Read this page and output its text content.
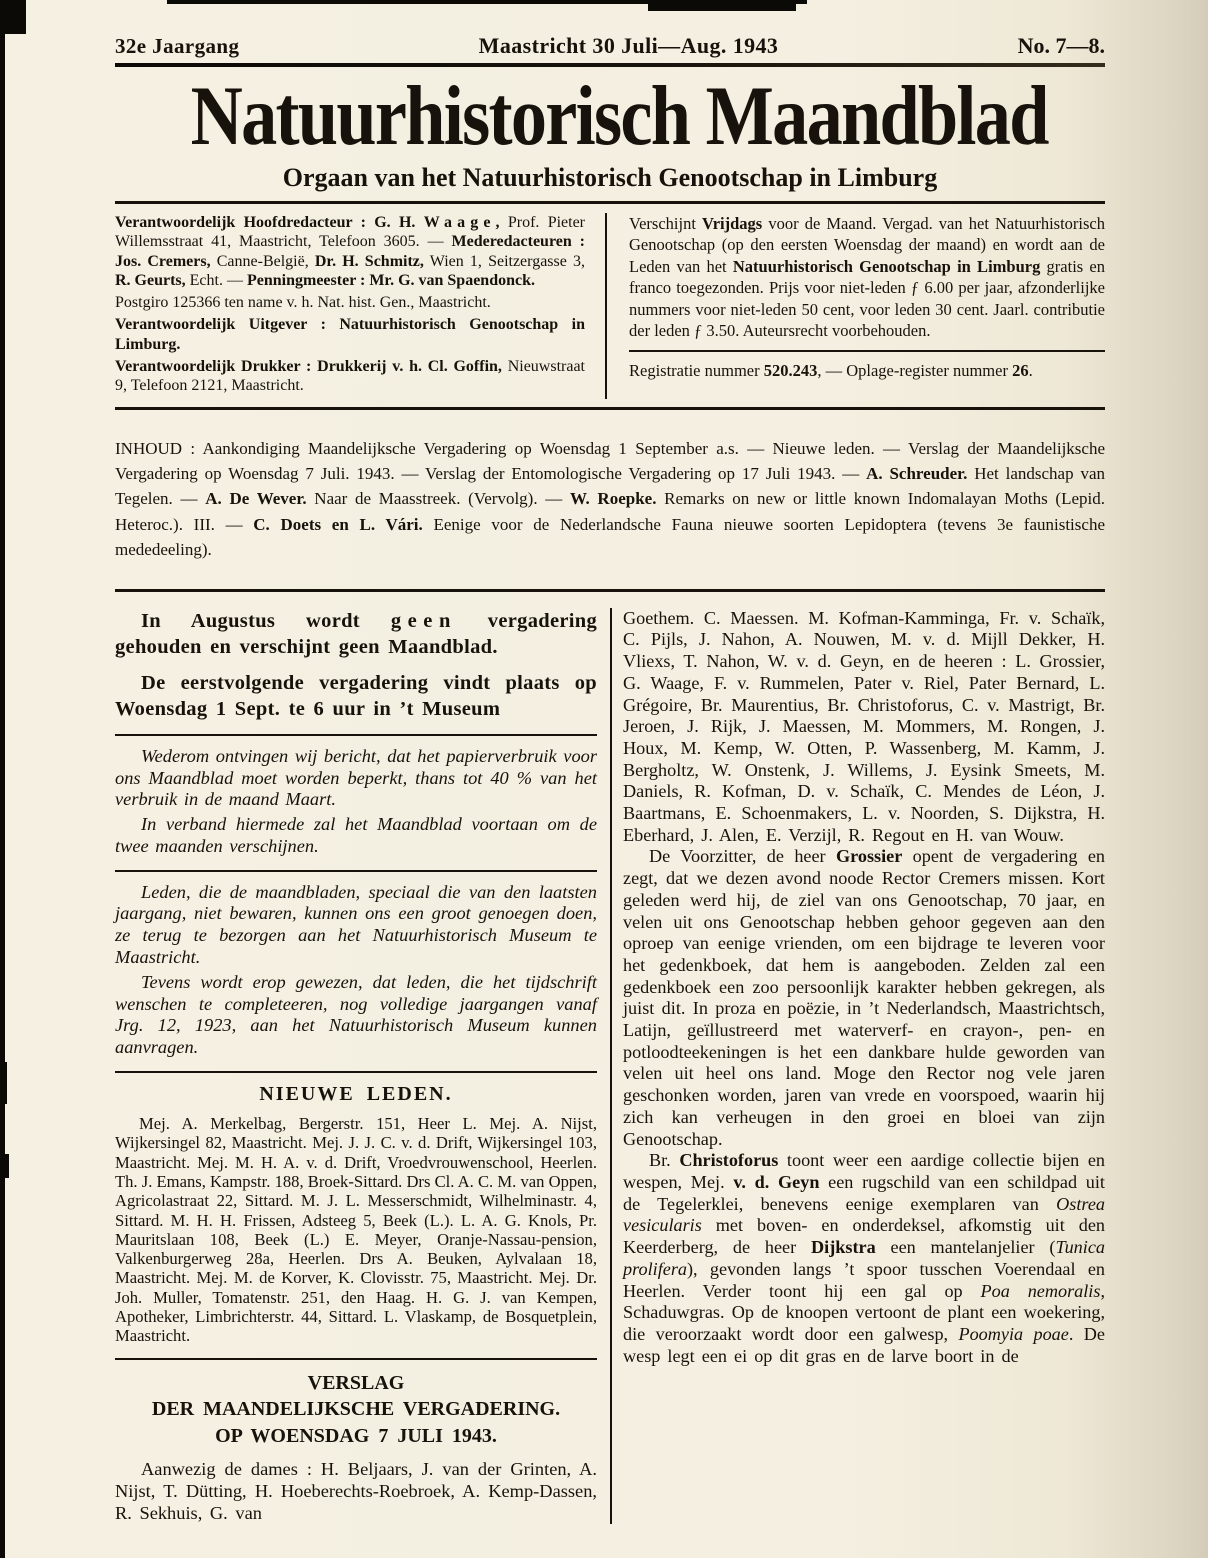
32e Jaargang	Maastricht 30 Juli—Aug. 1943	No. 7—8.
Natuurhistorisch Maandblad

Orgaan van het Natuurhistorisch Genootschap in Limburg

Verantwoordelijk Hoofdredacteur : G. H. Waage, Prof. Pieter Willemsstraat 41, Maastricht, Telefoon 3605. — Mederedacteuren : Jos. Cremers, Canne-België, Dr. H. Schmitz, Wien 1, Seitzergasse 3, R. Geurts, Echt. — Penningmeester : Mr. G. van Spaendonck.

Postgiro 125366 ten name v. h. Nat. hist. Gen., Maastricht.

Verantwoordelijk Uitgever : Natuurhistorisch Genootschap in Limburg.

Verantwoordelijk Drukker : Drukkerij v. h. Cl. Goffin, Nieuwstraat 9, Telefoon 2121, Maastricht.

Verschijnt Vrijdags voor de Maand. Vergad. van het Natuurhistorisch Genootschap (op den eersten Woensdag der maand) en wordt aan de Leden van het Natuurhistorisch Genootschap in Limburg gratis en franco toegezonden. Prijs voor niet-leden ƒ 6.00 per jaar, afzonderlijke nummers voor niet-leden 50 cent, voor leden 30 cent. Jaarl. contributie der leden ƒ 3.50. Auteursrecht voorbehouden.

Registratie nummer 520.243, — Oplage-register nummer 26.

INHOUD : Aankondiging Maandelijksche Vergadering op Woensdag 1 September a.s. — Nieuwe leden. — Verslag der Maandelijksche Vergadering op Woensdag 7 Juli. 1943. — Verslag der Entomologische Vergadering op 17 Juli 1943. — A. Schreuder. Het landschap van Tegelen. — A. De Wever. Naar de Maasstreek. (Vervolg). — W. Roepke. Remarks on new or little known Indomalayan Moths (Lepid. Heteroc.). III. — C. Doets en L. Vári. Eenige voor de Nederlandsche Fauna nieuwe soorten Lepidoptera (tevens 3e faunistische mededeeling).

In Augustus wordt geen vergadering gehouden en verschijnt geen Maandblad.

De eerstvolgende vergadering vindt plaats op Woensdag 1 Sept. te 6 uur in ’t Museum

Wederom ontvingen wij bericht, dat het papierverbruik voor ons Maandblad moet worden beperkt, thans tot 40 % van het verbruik in de maand Maart.

In verband hiermede zal het Maandblad voortaan om de twee maanden verschijnen.

Leden, die de maandbladen, speciaal die van den laatsten jaargang, niet bewaren, kunnen ons een groot genoegen doen, ze terug te bezorgen aan het Natuurhistorisch Museum te Maastricht.

Tevens wordt erop gewezen, dat leden, die het tijdschrift wenschen te completeeren, nog volledige jaargangen vanaf Jrg. 12, 1923, aan het Natuurhistorisch Museum kunnen aanvragen.

NIEUWE LEDEN.

Mej. A. Merkelbag, Bergerstr. 151, Heer L. Mej. A. Nijst, Wijkersingel 82, Maastricht. Mej. J. J. C. v. d. Drift, Wijkersingel 103, Maastricht. Mej. M. H. A. v. d. Drift, Vroedvrouwenschool, Heerlen. Th. J. Emans, Kampstr. 188, Broek-Sittard. Drs Cl. A. C. M. van Oppen, Agricolastraat 22, Sittard. M. J. L. Messerschmidt, Wilhelminastr. 4, Sittard. M. H. H. Frissen, Adsteeg 5, Beek (L.). L. A. G. Knols, Pr. Mauritslaan 108, Beek (L.) E. Meyer, Oranje-Nassau-pension, Valkenburgerweg 28a, Heerlen. Drs A. Beuken, Aylvalaan 18, Maastricht. Mej. M. de Korver, K. Clovisstr. 75, Maastricht. Mej. Dr. Joh. Muller, Tomatenstr. 251, den Haag. H. G. J. van Kempen, Apotheker, Limbrichterstr. 44, Sittard. L. Vlaskamp, de Bosquetplein, Maastricht.

VERSLAG
DER MAANDELIJKSCHE VERGADERING.
OP WOENSDAG 7 JULI 1943.

Aanwezig de dames : H. Beljaars, J. van der Grinten, A. Nijst, T. Dütting, H. Hoeberechts-Roebroek, A. Kemp-Dassen, R. Sekhuis, G. van

Goethem. C. Maessen. M. Kofman-Kamminga, Fr. v. Schaïk, C. Pijls, J. Nahon, A. Nouwen, M. v. d. Mijll Dekker, H. Vliexs, T. Nahon, W. v. d. Geyn, en de heeren : L. Grossier, G. Waage, F. v. Rummelen, Pater v. Riel, Pater Bernard, L. Grégoire, Br. Maurentius, Br. Christoforus, C. v. Mastrigt, Br. Jeroen, J. Rijk, J. Maessen, M. Mommers, M. Rongen, J. Houx, M. Kemp, W. Otten, P. Wassenberg, M. Kamm, J. Bergholtz, W. Onstenk, J. Willems, J. Eysink Smeets, M. Daniels, R. Kofman, D. v. Schaïk, C. Mendes de Léon, J. Baartmans, E. Schoenmakers, L. v. Noorden, S. Dijkstra, H. Eberhard, J. Alen, E. Verzijl, R. Regout en H. van Wouw.

De Voorzitter, de heer Grossier opent de vergadering en zegt, dat we dezen avond noode Rector Cremers missen. Kort geleden werd hij, de ziel van ons Genootschap, 70 jaar, en velen uit ons Genootschap hebben gehoor gegeven aan den oproep van eenige vrienden, om een bijdrage te leveren voor het gedenkboek, dat hem is aangeboden. Zelden zal een gedenkboek een zoo persoonlijk karakter hebben gekregen, als juist dit. In proza en poëzie, in ’t Nederlandsch, Maastrichtsch, Latijn, geïllustreerd met waterverf- en crayon-, pen- en potloodteekeningen is het een dankbare hulde geworden van velen uit heel ons land. Moge den Rector nog vele jaren geschonken worden, jaren van vrede en voorspoed, waarin hij zich kan verheugen in den groei en bloei van zijn Genootschap.

Br. Christoforus toont weer een aardige collectie bijen en wespen, Mej. v. d. Geyn een rugschild van een schildpad uit de Tegelerklei, benevens eenige exemplaren van Ostrea vesicularis met boven- en onderdeksel, afkomstig uit den Keerderberg, de heer Dijkstra een mantelanjelier (Tunica prolifera), gevonden langs ’t spoor tusschen Voerendaal en Heerlen. Verder toont hij een gal op Poa nemoralis, Schaduwgras. Op de knoopen vertoont de plant een woekering, die veroorzaakt wordt door een galwesp, Poomyia poae. De wesp legt een ei op dit gras en de larve boort in de
